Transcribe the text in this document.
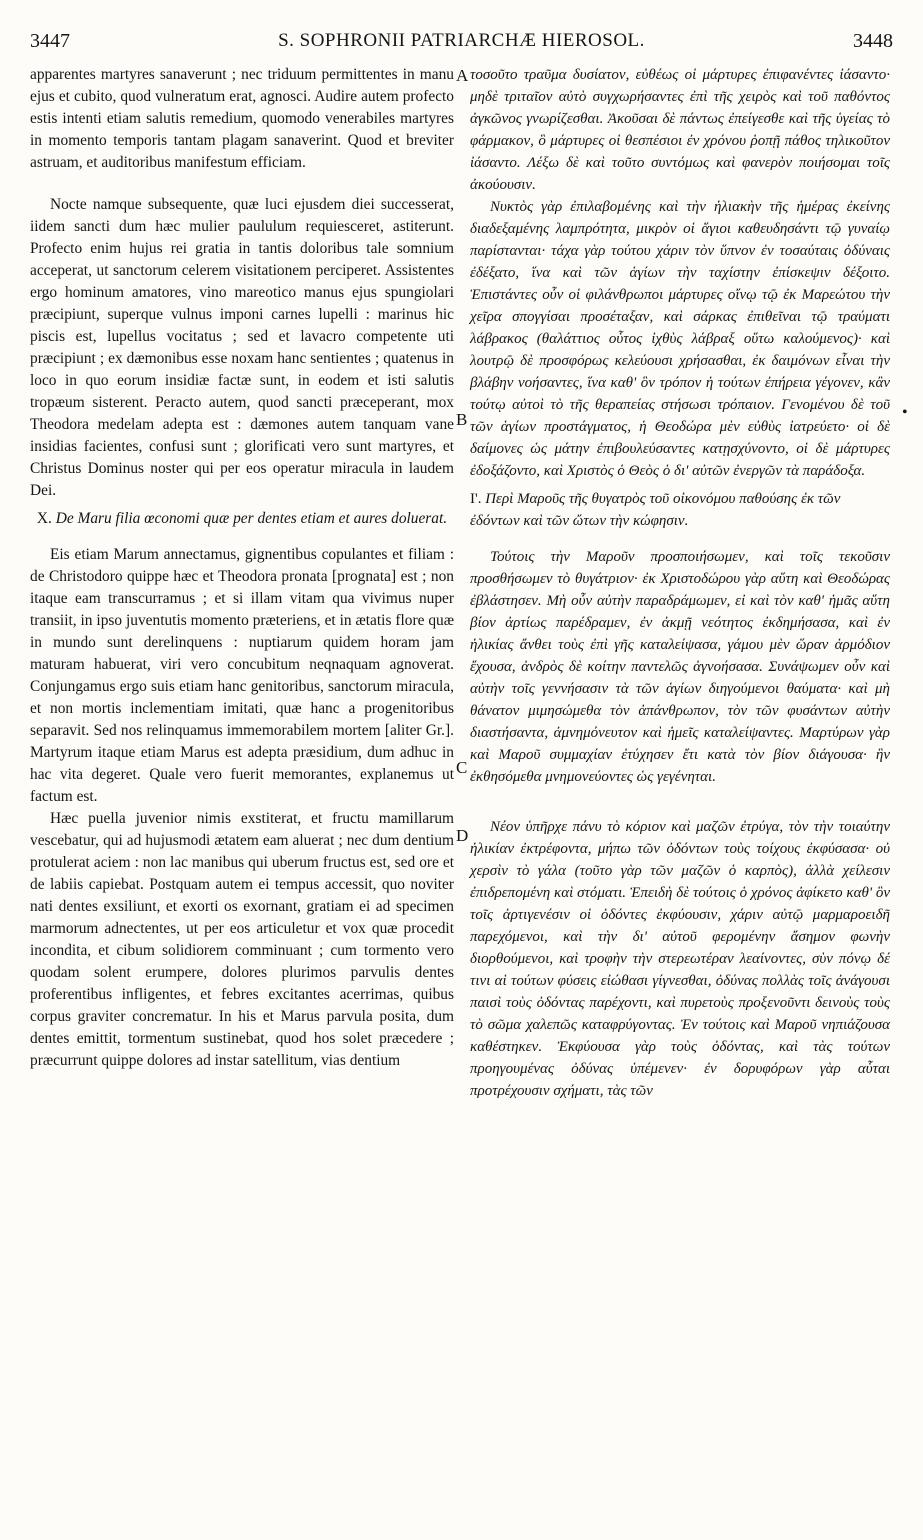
3447	S. SOPHRONII PATRIARCHÆ HIEROSOL.	3448

apparentes martyres sanaverunt ; nec triduum permittentes in manu ejus et cubito, quod vulneratum erat, agnosci. Audire autem profecto estis intenti etiam salutis remedium, quomodo venerabiles martyres in momento temporis tantam plagam sanaverint. Quod et breviter astruam, et auditoribus manifestum efficiam.

Nocte namque subsequente, quæ luci ejusdem diei successerat, iidem sancti dum hæc mulier paululum requiesceret, astiterunt. Profecto enim hujus rei gratia in tantis doloribus tale somnium acceperat, ut sanctorum celerem visitationem perciperet. Assistentes ergo hominum amatores, vino mareotico manus ejus spungiolari præcipiunt, superque vulnus imponi carnes lupelli : marinus hic piscis est, lupellus vocitatus ; sed et lavacro competente uti præcipiunt ; ex dæmonibus esse noxam hanc sentientes ; quatenus in loco in quo eorum insidiæ factæ sunt, in eodem et isti salutis tropæum sisterent. Peracto autem, quod sancti præceperant, mox Theodora medelam adepta est : dæmones autem tanquam vane insidias facientes, confusi sunt ; glorificati vero sunt martyres, et Christus Dominus noster qui per eos operatur miracula in laudem Dei.

X. De Maru filia œconomi quæ per dentes etiam et aures doluerat.

Eis etiam Marum annectamus, gignentibus copulantes et filiam : de Christodoro quippe hæc et Theodora pronata [prognata] est ; non itaque eam transcurramus ; et si illam vitam qua vivimus nuper transiit, in ipso juventutis momento præteriens, et in ætatis flore quæ in mundo sunt derelinquens : nuptiarum quidem horam jam maturam habuerat, viri vero concubitum neqnaquam agnoverat. Conjungamus ergo suis etiam hanc genitoribus, sanctorum miracula, et non mortis inclementiam imitati, quæ hanc a progenitoribus separavit. Sed nos relinquamus immemorabilem mortem [aliter Gr.]. Martyrum itaque etiam Marus est adepta præsidium, dum adhuc in hac vita degeret. Quale vero fuerit memorantes, explanemus ut factum est.

Hæc puella juvenior nimis exstiterat, et fructu mamillarum vescebatur, qui ad hujusmodi ætatem eam aluerat ; nec dum dentium protulerat aciem : non lac manibus qui uberum fructus est, sed ore et de labiis capiebat. Postquam autem ei tempus accessit, quo noviter nati dentes exsiliunt, et exorti os exornant, gratiam ei ad specimen marmorum adnectentes, ut per eos articuletur et vox quæ procedit incondita, et cibum solidiorem comminuant ; cum tormento vero quodam solent erumpere, dolores plurimos parvulis dentes proferentibus infligentes, et febres excitantes acerrimas, quibus corpus graviter concrematur. In his et Marus parvula posita, dum dentes emittit, tormentum sustinebat, quod hos solet præcedere ; præcurrunt quippe dolores ad instar satellitum, vias dentium

A
B
C
D
•

τοσοῦτο τραῦμα δυσίατον, εὐθέως οἱ μάρτυρες ἐπιφανέντες ἰάσαντο· μηδὲ τριταῖον αὐτὸ συγχωρήσαντες ἐπὶ τῆς χειρὸς καὶ τοῦ παθόντος ἀγκῶνος γνωρίζεσθαι. Ἀκοῦσαι δὲ πάντως ἐπείγεσθε καὶ τῆς ὑγείας τὸ φάρμακον, ὃ μάρτυρες οἱ θεσπέσιοι ἐν χρόνου ῥοπῇ πάθος τηλικοῦτον ἰάσαντο. Λέξω δὲ καὶ τοῦτο συντόμως καὶ φανερὸν ποιήσομαι τοῖς ἀκούουσιν.

Νυκτὸς γὰρ ἐπιλαβομένης καὶ τὴν ἡλιακὴν τῆς ἡμέρας ἐκείνης διαδεξαμένης λαμπρότητα, μικρὸν οἱ ἅγιοι καθευδησάντι τῷ γυναίῳ παρίστανται· τάχα γὰρ τούτου χάριν τὸν ὕπνον ἐν τοσαύταις ὀδύναις ἐδέξατο, ἵνα καὶ τῶν ἁγίων τὴν ταχίστην ἐπίσκεψιν δέξοιτο. Ἐπιστάντες οὖν οἱ φιλάνθρωποι μάρτυρες οἴνῳ τῷ ἐκ Μαρεώτου τὴν χεῖρα σπογγίσαι προσέταξαν, καὶ σάρκας ἐπιθεῖναι τῷ τραύματι λάβρακος (θαλάττιος οὗτος ἰχθὺς λάβραξ οὕτω καλούμενος)· καὶ λουτρῷ δὲ προσφόρως κελεύουσι χρήσασθαι, ἐκ δαιμόνων εἶναι τὴν βλάβην νοήσαντες, ἵνα καθ' ὃν τρόπον ἡ τούτων ἐπήρεια γέγονεν, κἂν τούτῳ αὐτοὶ τὸ τῆς θεραπείας στήσωσι τρόπαιον. Γενομένου δὲ τοῦ τῶν ἁγίων προστάγματος, ἡ Θεοδώρα μὲν εὐθὺς ἰατρεύετο· οἱ δὲ δαίμονες ὡς μάτην ἐπιβουλεύσαντες κατῃσχύνοντο, οἱ δὲ μάρτυρες ἐδοξάζοντο, καὶ Χριστὸς ὁ Θεὸς ὁ δι' αὐτῶν ἐνεργῶν τὰ παράδοξα.

Ι'. Περὶ Μαροῦς τῆς θυγατρὸς τοῦ οἰκονόμου παθούσης ἐκ τῶν ἐδόντων καὶ τῶν ὤτων τὴν κώφησιν.

Τούτοις τὴν Μαροῦν προσποιήσωμεν, καὶ τοῖς τεκοῦσιν προσθήσωμεν τὸ θυγάτριον· ἐκ Χριστοδώρου γὰρ αὕτη καὶ Θεοδώρας ἐβλάστησεν. Μὴ οὖν αὐτὴν παραδράμωμεν, εἰ καὶ τὸν καθ' ἡμᾶς αὕτη βίον ἀρτίως παρέδραμεν, ἐν ἀκμῇ νεότητος ἐκδημήσασα, καὶ ἐν ἡλικίας ἄνθει τοὺς ἐπὶ γῆς καταλείψασα, γάμου μὲν ὥραν ἁρμόδιον ἔχουσα, ἀνδρὸς δὲ κοίτην παντελῶς ἀγνοήσασα. Συνάψωμεν οὖν καὶ αὐτὴν τοῖς γεννήσασιν τὰ τῶν ἁγίων διηγούμενοι θαύματα· καὶ μὴ θάνατον μιμησώμεθα τὸν ἀπάνθρωπον, τὸν τῶν φυσάντων αὐτὴν διαστήσαντα, ἀμνημόνευτον καὶ ἡμεῖς καταλείψαντες. Μαρτύρων γὰρ καὶ Μαροῦ συμμαχίαν ἐτύχησεν ἔτι κατὰ τὸν βίον διάγουσα· ἣν ἐκθησόμεθα μνημονεύοντες ὡς γεγένηται.

Νέον ὑπῆρχε πάνυ τὸ κόριον καὶ μαζῶν ἐτρύγα, τὸν τὴν τοιαύτην ἡλικίαν ἐκτρέφοντα, μήπω τῶν ὀδόντων τοὺς τοίχους ἐκφύσασα· οὐ χερσὶν τὸ γάλα (τοῦτο γὰρ τῶν μαζῶν ὁ καρπὸς), ἀλλὰ χείλεσιν ἐπιδρεπομένη καὶ στόματι. Ἐπειδὴ δὲ τούτοις ὁ χρόνος ἀφίκετο καθ' ὃν τοῖς ἀρτιγενέσιν οἱ ὀδόντες ἐκφύουσιν, χάριν αὐτῷ μαρμαροειδῆ παρεχόμενοι, καὶ τὴν δι' αὐτοῦ φερομένην ἄσημον φωνὴν διορθούμενοι, καὶ τροφὴν τὴν στερεωτέραν λεαίνοντες, σὺν πόνῳ δέ τινι αἱ τούτων φύσεις εἰώθασι γίγνεσθαι, ὀδύνας πολλὰς τοῖς ἀνάγουσι παισὶ τοὺς ὀδόντας παρέχοντι, καὶ πυρετοὺς προξενοῦντι δεινοὺς τοὺς τὸ σῶμα χαλεπῶς καταφρύγοντας. Ἐν τούτοις καὶ Μαροῦ νηπιάζουσα καθέστηκεν. Ἐκφύουσα γὰρ τοὺς ὀδόντας, καὶ τὰς τούτων προηγουμένας ὀδύνας ὑπέμενεν· ἐν δορυφόρων γὰρ αὗται προτρέχουσιν σχήματι, τὰς τῶν
